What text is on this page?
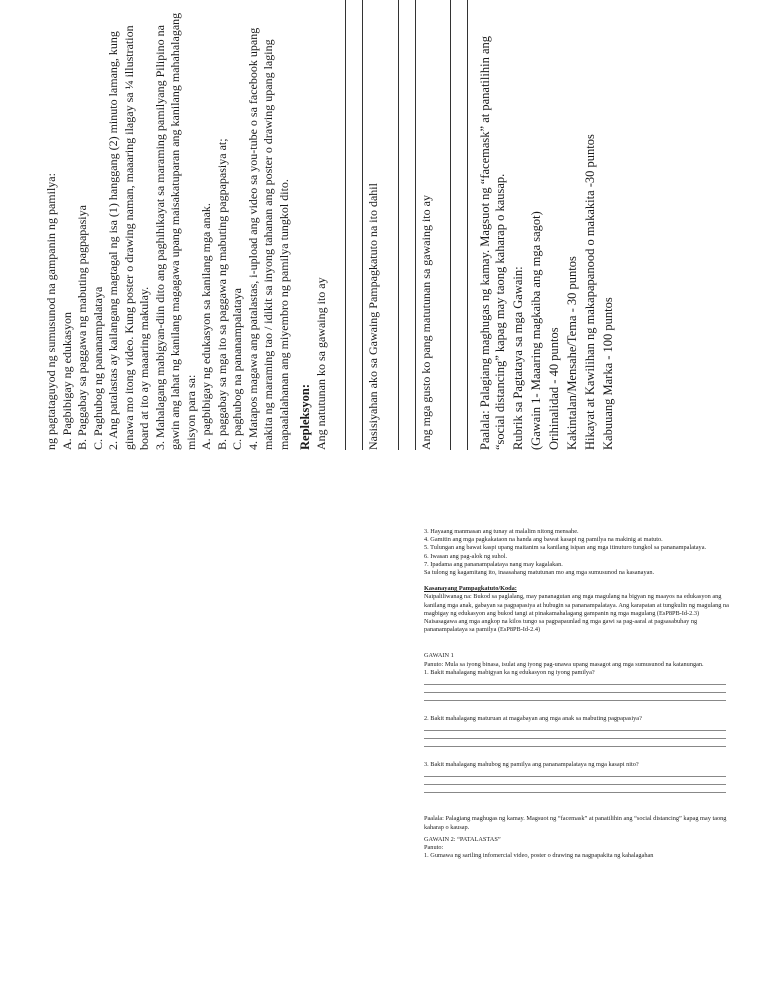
ng pagtataguyod ng sumusunod na gampanin ng pamilya: A. Pagbibigay ng edukasyon B. Paggabay sa paggawa ng mabuting pagpapasiya C. Paghubog ng pananampalataya 2. Ang patalastas ay kailangang magtagal ng isa (1) hanggang (2) minuto lamang, kung ginawa mo itong video. Kung poster o drawing naman, maaaring ilagay sa ¼ illustration board at ito ay maaaring makulay. 3. Mahalagang mabigyan-diin dito ang paghihikayat sa maraming pamilyang Pilipino na gawin ang lahat ng kanilang magagawa upang maisakatuparan ang kanilang mahahalagang misyon para sa: A. pagbibigay ng edukasyon sa kanilang mga anak. B. paggabay sa mga ito sa paggawa ng mabuting pagpapasiya at; C. paghubog na pananampalataya 4. Matapos magawa ang patalastas, i-upload ang video sa you-tube o sa facebook upang makita ng maraming tao / idikit sa inyong tahanan ang poster o drawing upang laging mapaalalahanan ang miyembro ng pamilya tungkol dito. Repleksyon: Ang natutunan ko sa gawaing ito ay	Nasisiyahan ako sa Gawaing Pampagkatuto na ito dahil	Ang mga gusto ko pang matutunan sa gawaing ito ay	Paalala: Palagiang maghugas ng kamay. Magsuot ng “facemask” at panatilihin ang “social distancing” kapag may taong kaharap o kausap. Rubrik sa Pagtataya sa mga Gawain: (Gawain 1- Maaaring magkaiba ang mga sagot) Orihinalidad - 40 puntos Kakintalan/Mensahe/Tema - 30 puntos Hikayat at Kawilihan ng makapapanood o makakita -30 puntos Kabuuang Marka - 100 puntos

3. Hayaang manmasan ang tunay at malalim nitong mensahe.

4. Gamitin ang mga pagkakataon na handa ang bawat kasapi ng pamilya na makinig at matuto.

5. Tulungan ang bawat kaspi upang maitanim sa kanilang isipan ang mga itinuturo tungkol sa pananampalataya.

6. Iwasan ang pag-alok ng suhol.

7. Ipadama ang pananampalataya nang may kagalakan.

Sa tulong ng kagamitang ito, inaasahang matutunan mo ang mga sumusunod na kasanayan.

Kasanayang Pampagkatuto/Koda:

Naipaliliwanag na: Bukod sa paglalang, may pananagutan ang mga magulang na bigyan ng maayos na edukasyon ang kanilang mga anak, gabayan sa pagpapasiya at hubugin sa pananampalataya. Ang karapatan at tungkulin ng magulang na magbigay ng edukasyon ang bukod tangi at pinakamahalagang gampanin ng mga magulang (EsP8PB-Id-2.3)

Naisasagawa ang mga angkop na kilos tungo sa pagpapaunlad ng mga gawi sa pag-aaral at pagsasabuhay ng pananampalataya sa pamilya (EsP8PB-Id-2.4)

GAWAIN 1

Panuto: Mula sa iyong binasa, isulat ang iyong pag-unawa upang masagot ang mga sumusunod na katanungan.

1. Bakit mahalagang mabigyan ka ng edukasyon ng iyong pamilya?

2. Bakit mahalagang maturuan at magabayan ang mga anak sa mabuting pagpapasiya?

3. Bakit mahalagang mahubog ng pamilya ang pananampalataya ng mga kasapi nito?

Paalala: Palagiang maghugas ng kamay. Magsuot ng “facemask” at panatilihin ang “social distancing” kapag may taong kaharap o kausap.

GAWAIN 2: “PATALASTAS”

Panuto:

1. Gumawa ng sariling infomercial video, poster o drawing na nagpapakita ng kahalagahan
